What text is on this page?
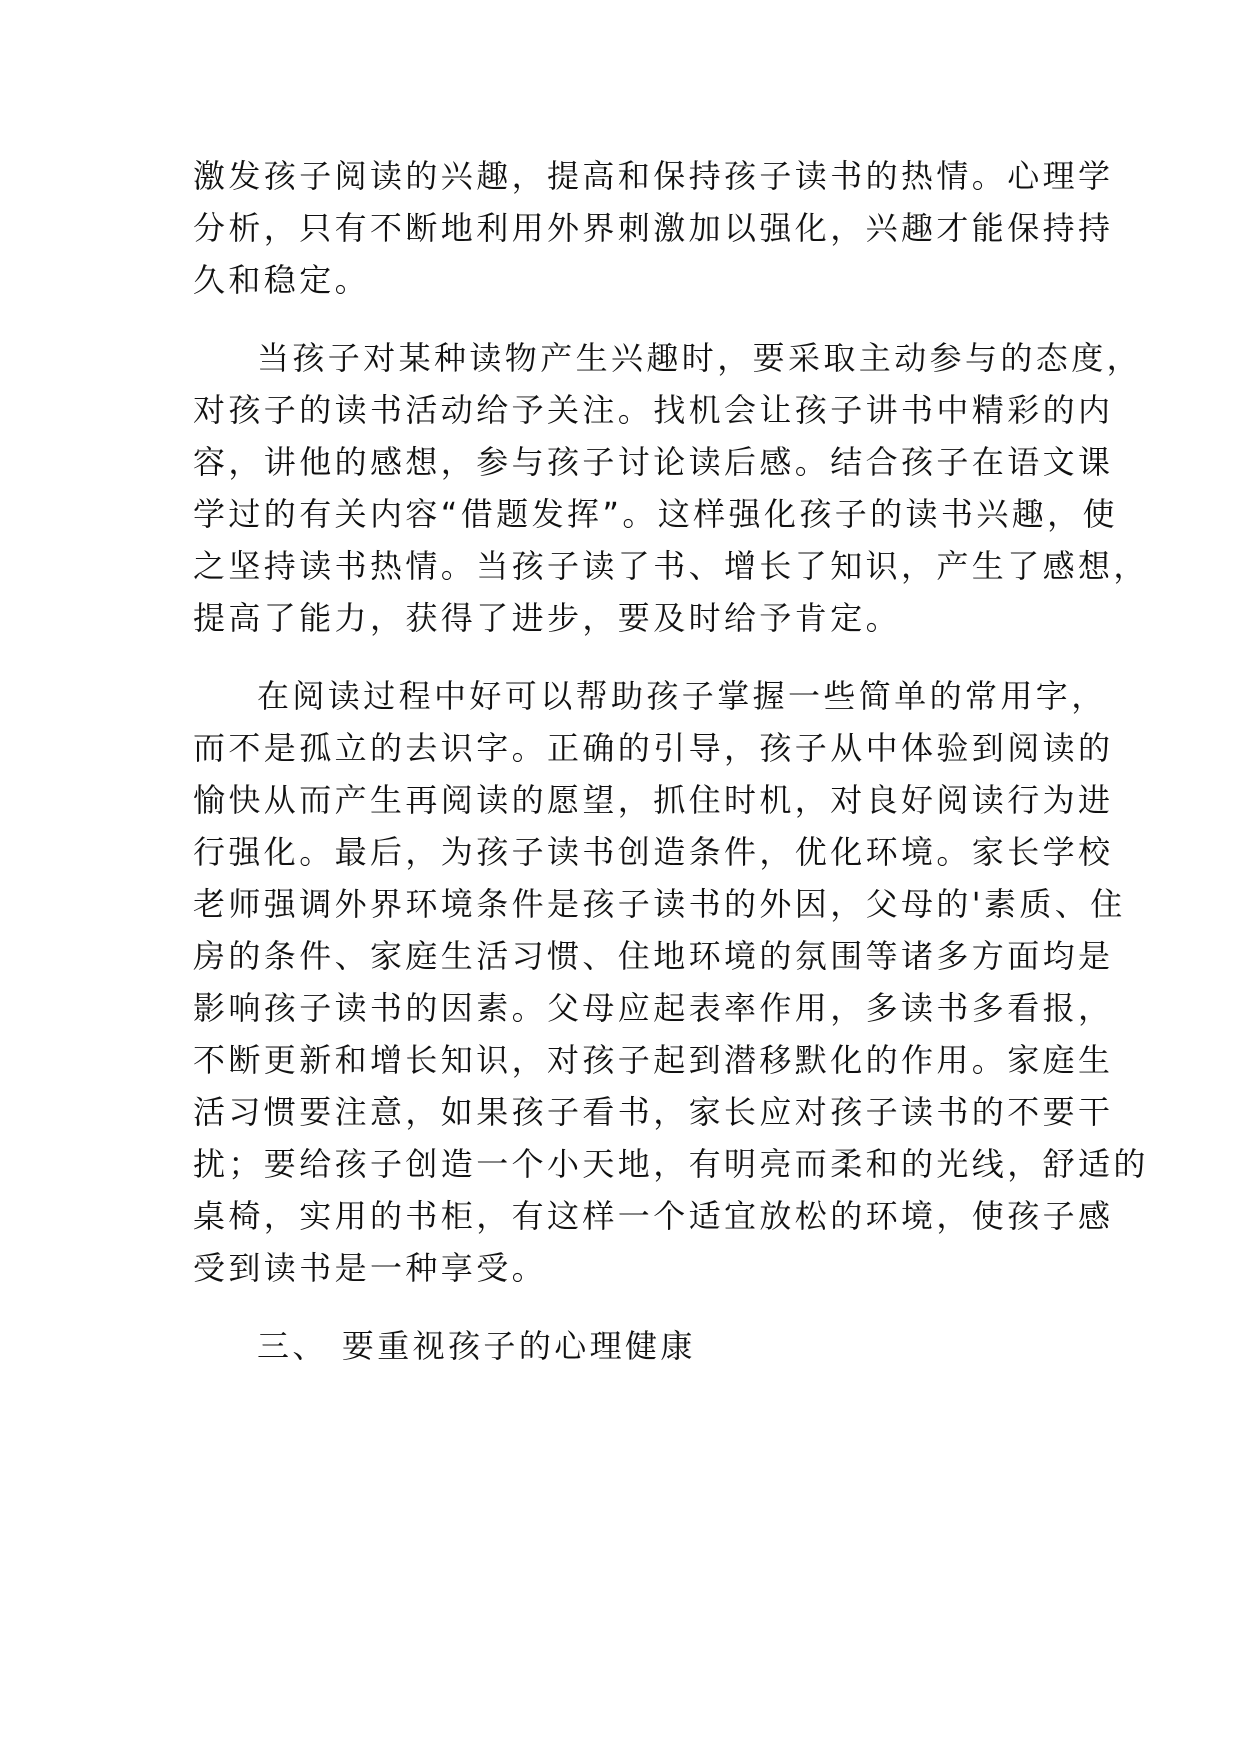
激发孩子阅读的兴趣，提高和保持孩子读书的热情。心理学

分析，只有不断地利用外界刺激加以强化，兴趣才能保持持

久和稳定。

当孩子对某种读物产生兴趣时，要采取主动参与的态度，

对孩子的读书活动给予关注。找机会让孩子讲书中精彩的内

容，讲他的感想，参与孩子讨论读后感。结合孩子在语文课

学过的有关内容“借题发挥”。这样强化孩子的读书兴趣，使

之坚持读书热情。当孩子读了书、增长了知识，产生了感想，

提高了能力，获得了进步，要及时给予肯定。

在阅读过程中好可以帮助孩子掌握一些简单的常用字，

而不是孤立的去识字。正确的引导，孩子从中体验到阅读的

愉快从而产生再阅读的愿望，抓住时机，对良好阅读行为进

行强化。最后，为孩子读书创造条件，优化环境。家长学校

老师强调外界环境条件是孩子读书的外因，父母的'素质、住

房的条件、家庭生活习惯、住地环境的氛围等诸多方面均是

影响孩子读书的因素。父母应起表率作用，多读书多看报，

不断更新和增长知识，对孩子起到潜移默化的作用。家庭生

活习惯要注意，如果孩子看书，家长应对孩子读书的不要干

扰；要给孩子创造一个小天地，有明亮而柔和的光线，舒适的

桌椅，实用的书柜，有这样一个适宜放松的环境，使孩子感

受到读书是一种享受。

三、 要重视孩子的心理健康
